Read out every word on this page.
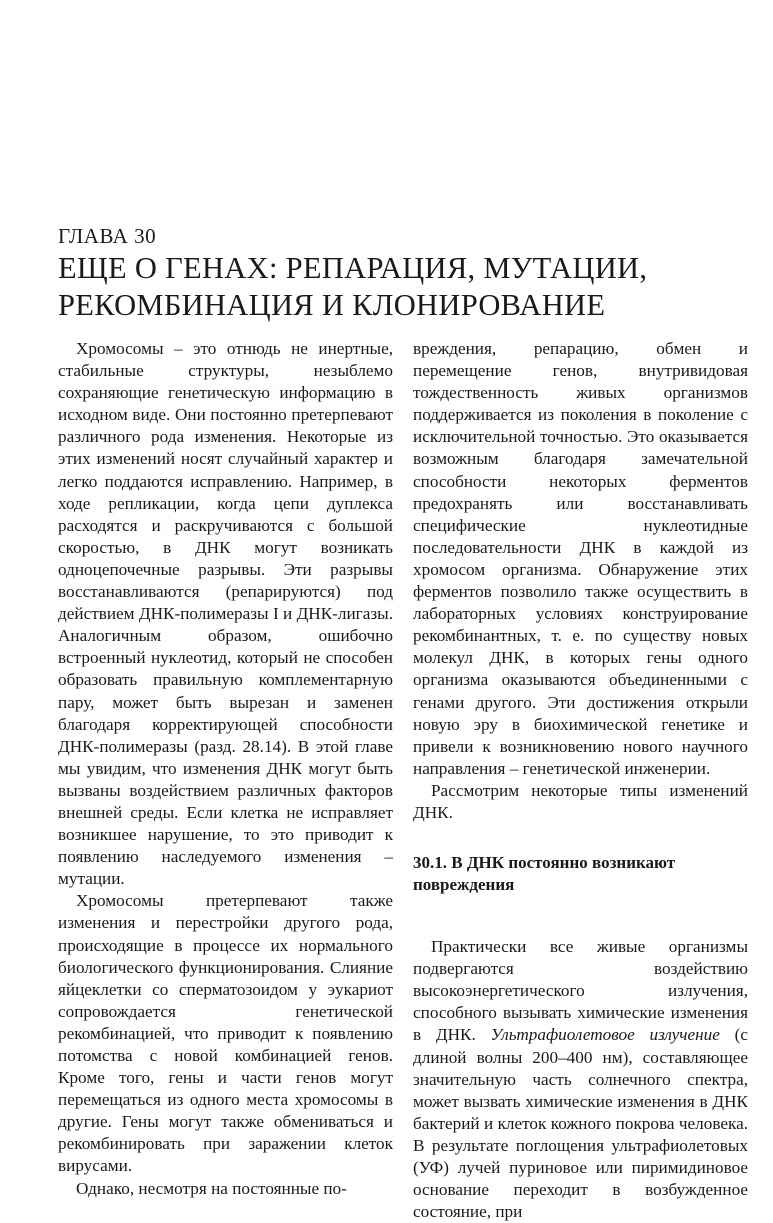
ГЛАВА 30
ЕЩЕ О ГЕНАХ: РЕПАРАЦИЯ, МУТАЦИИ, РЕКОМБИНАЦИЯ И КЛОНИРОВАНИЕ

Хромосомы – это отнюдь не инертные, стабильные структуры, незыблемо сохраняющие генетическую информацию в исходном виде. Они постоянно претерпевают различного рода изменения. Некоторые из этих изменений носят случайный характер и легко поддаются исправлению. Например, в ходе репликации, когда цепи дуплекса расходятся и раскручиваются с большой скоростью, в ДНК могут возникать одноцепочечные разрывы. Эти разрывы восстанавливаются (репарируются) под действием ДНК-полимеразы I и ДНК-лигазы. Аналогичным образом, ошибочно встроенный нуклеотид, который не способен образовать правильную комплементарную пару, может быть вырезан и заменен благодаря корректирующей способности ДНК-полимеразы (разд. 28.14). В этой главе мы увидим, что изменения ДНК могут быть вызваны воздействием различных факторов внешней среды. Если клетка не исправляет возникшее нарушение, то это приводит к появлению наследуемого изменения – мутации.

Хромосомы претерпевают также изменения и перестройки другого рода, происходящие в процессе их нормального биологического функционирования. Слияние яйцеклетки со сперматозоидом у эукариот сопровождается генетической рекомбинацией, что приводит к появлению потомства с новой комбинацией генов. Кроме того, гены и части генов могут перемещаться из одного места хромосомы в другие. Гены могут также обмениваться и рекомбинировать при заражении клеток вирусами.

Однако, несмотря на постоянные по-

вреждения, репарацию, обмен и перемещение генов, внутривидовая тождественность живых организмов поддерживается из поколения в поколение с исключительной точностью. Это оказывается возможным благодаря замечательной способности некоторых ферментов предохранять или восстанавливать специфические нуклеотидные последовательности ДНК в каждой из хромосом организма. Обнаружение этих ферментов позволило также осуществить в лабораторных условиях конструирование рекомбинантных, т. е. по существу новых молекул ДНК, в которых гены одного организма оказываются объединенными с генами другого. Эти достижения открыли новую эру в биохимической генетике и привели к возникновению нового научного направления – генетической инженерии.

Рассмотрим некоторые типы изменений ДНК.

30.1. В ДНК постоянно возникают повреждения

Практически все живые организмы подвергаются воздействию высокоэнергетического излучения, способного вызывать химические изменения в ДНК. Ультрафиолетовое излучение (с длиной волны 200–400 нм), составляющее значительную часть солнечного спектра, может вызвать химические изменения в ДНК бактерий и клеток кожного покрова человека. В результате поглощения ультрафиолетовых (УФ) лучей пуриновое или пиримидиновое основание переходит в возбужденное состояние, при
